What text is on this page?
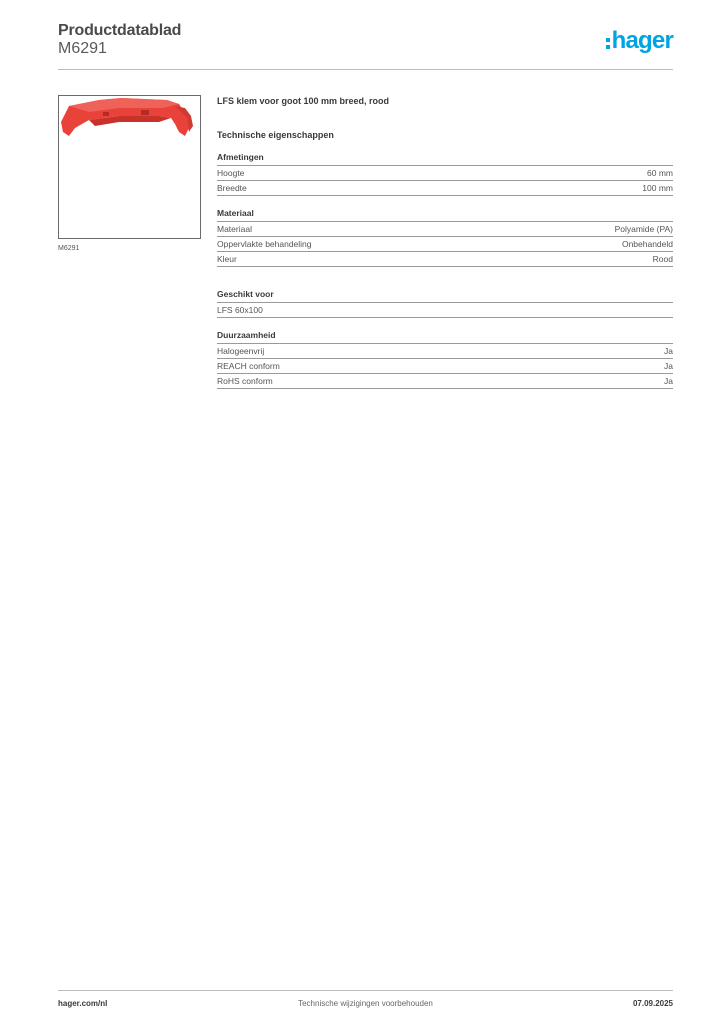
Productdatablad
M6291	hager
M6291
LFS klem voor goot 100 mm breed, rood
Technische eigenschappen
Afmetingen
Hoogte	60 mm
Breedte	100 mm
Materiaal
Materiaal	Polyamide (PA)
Oppervlakte behandeling	Onbehandeld
Kleur	Rood
Geschikt voor
LFS 60x100
Duurzaamheid
Halogeenvrij	Ja
REACH conform	Ja
RoHS conform	Ja
hager.com/nl	Technische wijzigingen voorbehouden	07.09.2025
